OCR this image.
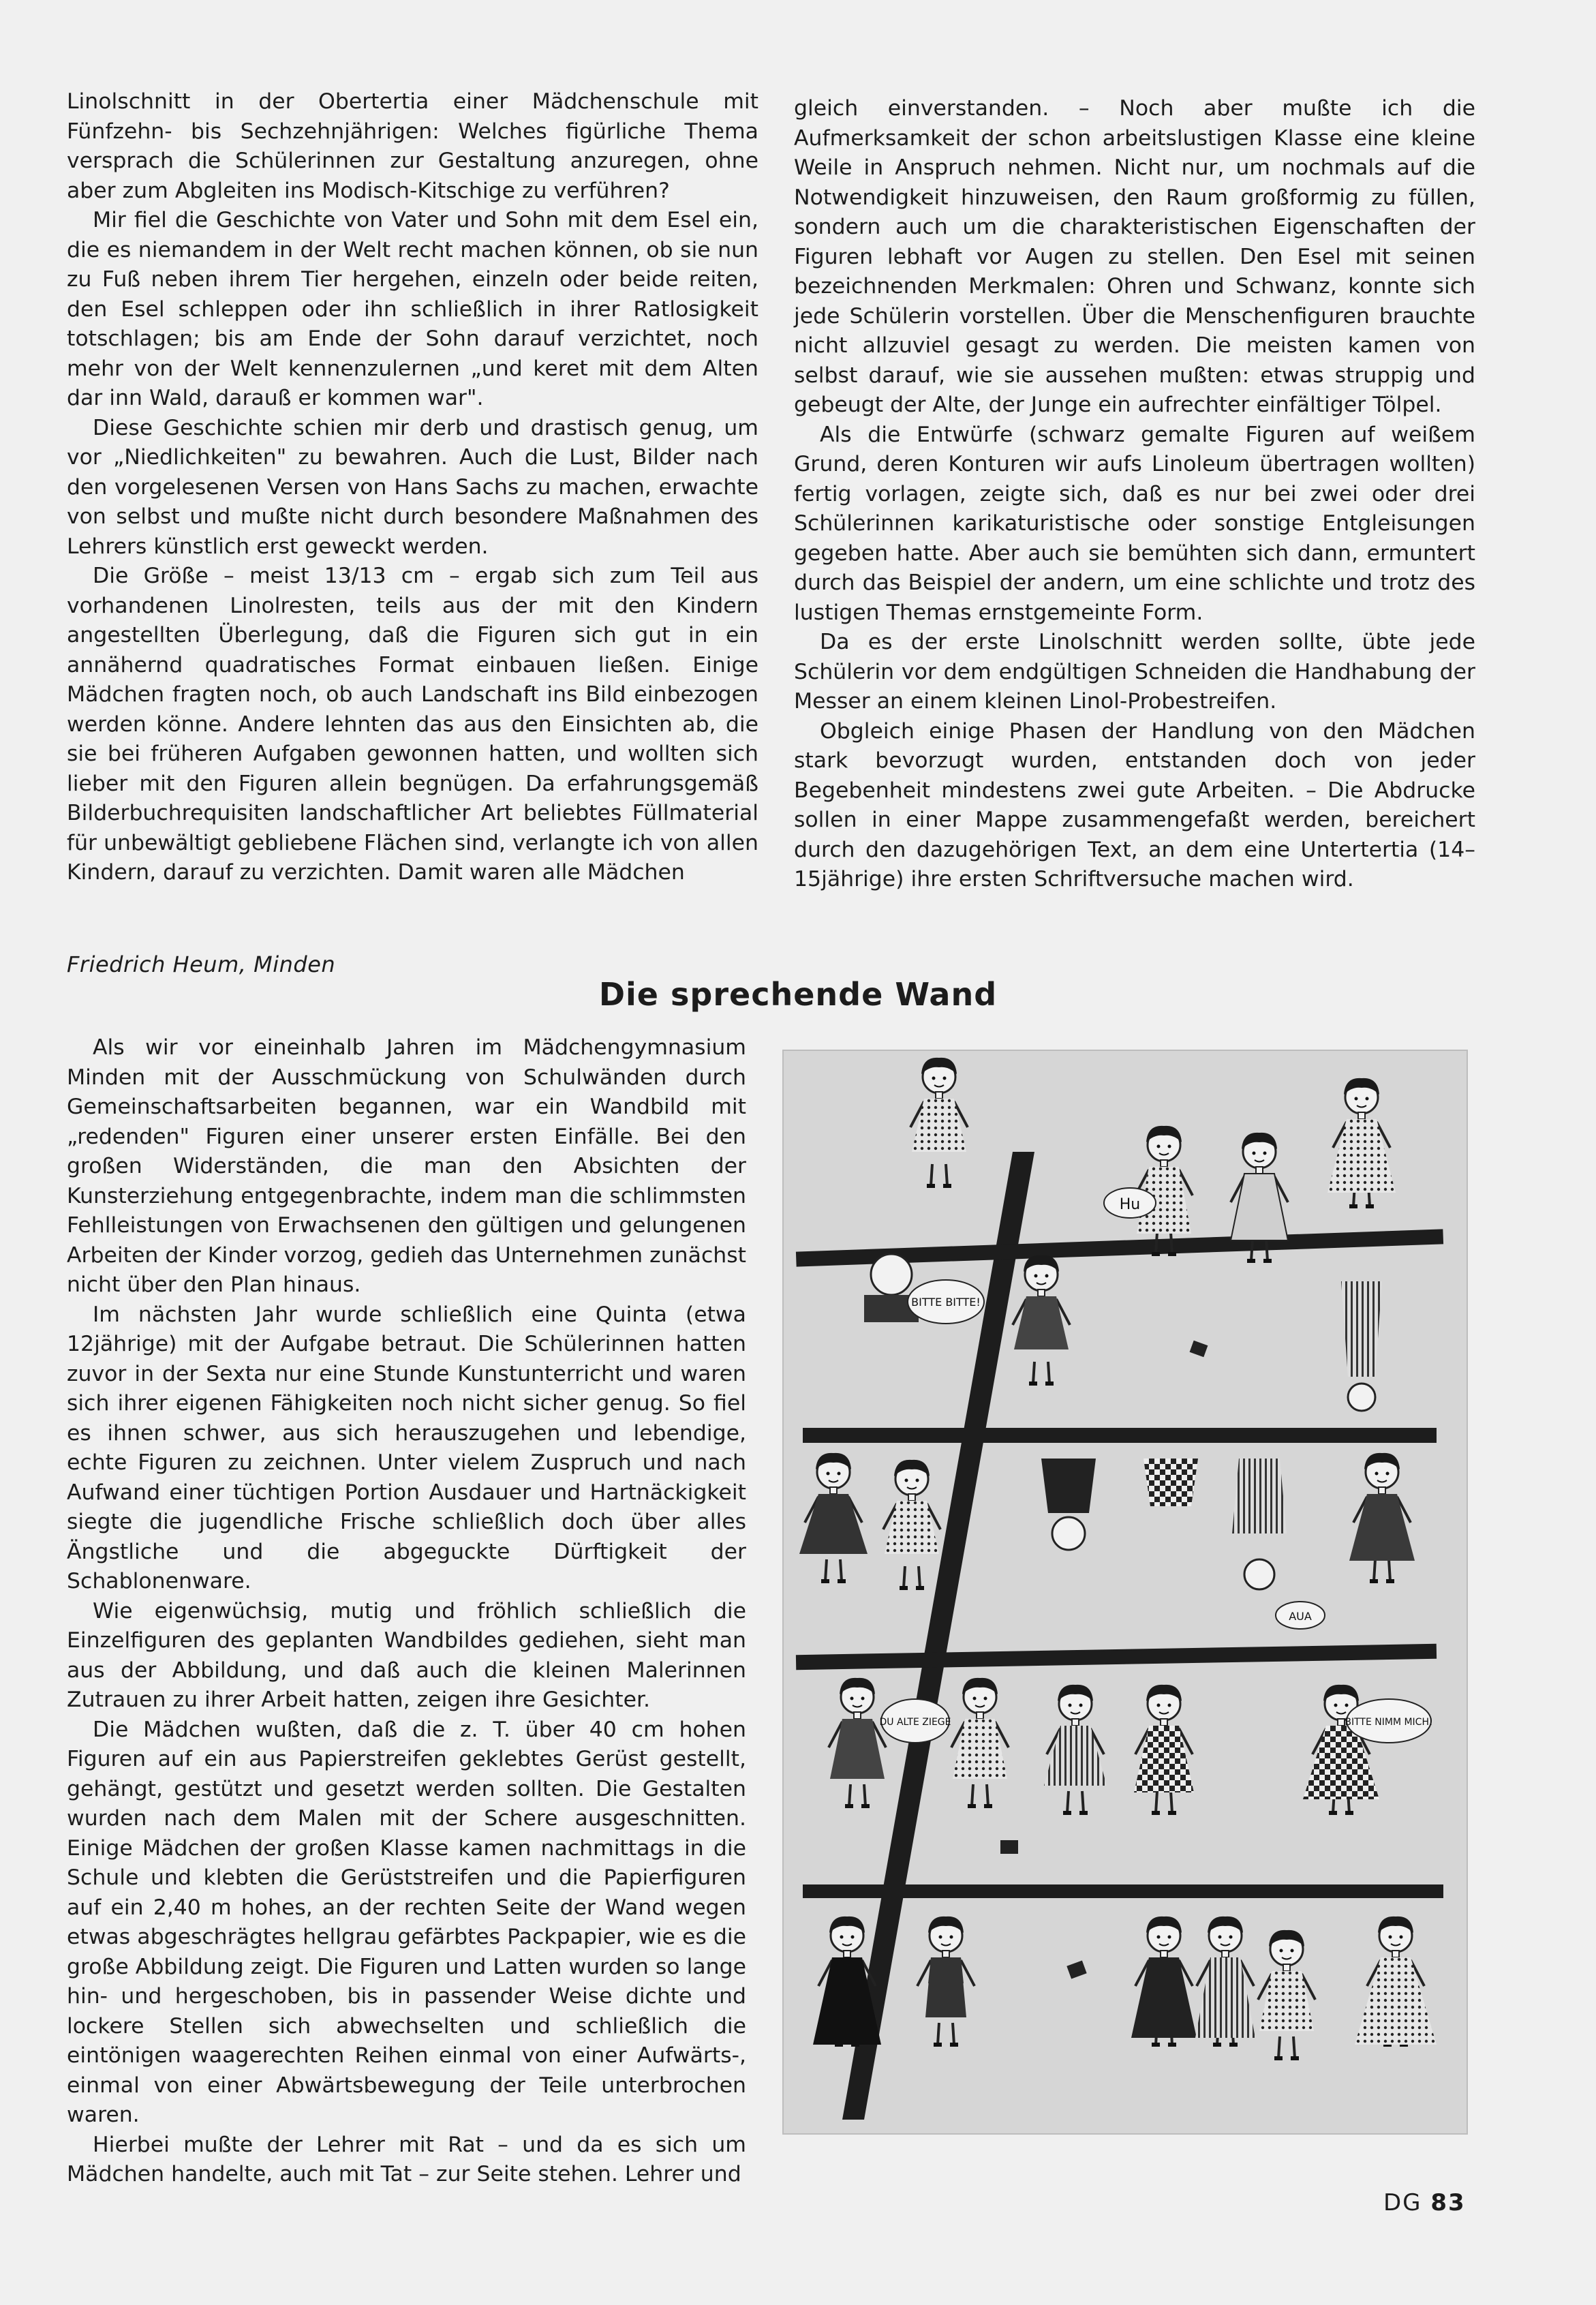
Linolschnitt in der Obertertia einer Mädchenschule mit Fünfzehn- bis Sechzehnjährigen: Welches figürliche Thema versprach die Schülerinnen zur Gestaltung anzuregen, ohne aber zum Abgleiten ins Modisch-Kitschige zu verführen?

Mir fiel die Geschichte von Vater und Sohn mit dem Esel ein, die es niemandem in der Welt recht machen können, ob sie nun zu Fuß neben ihrem Tier hergehen, einzeln oder beide reiten, den Esel schleppen oder ihn schließlich in ihrer Ratlosigkeit totschlagen; bis am Ende der Sohn darauf verzichtet, noch mehr von der Welt kennenzulernen „und keret mit dem Alten dar inn Wald, darauß er kommen war".

Diese Geschichte schien mir derb und drastisch genug, um vor „Niedlichkeiten" zu bewahren. Auch die Lust, Bilder nach den vorgelesenen Versen von Hans Sachs zu machen, erwachte von selbst und mußte nicht durch besondere Maßnahmen des Lehrers künstlich erst geweckt werden.

Die Größe – meist 13/13 cm – ergab sich zum Teil aus vorhandenen Linolresten, teils aus der mit den Kindern angestellten Überlegung, daß die Figuren sich gut in ein annähernd quadratisches Format einbauen ließen. Einige Mädchen fragten noch, ob auch Landschaft ins Bild einbezogen werden könne. Andere lehnten das aus den Einsichten ab, die sie bei früheren Aufgaben gewonnen hatten, und wollten sich lieber mit den Figuren allein begnügen. Da erfahrungsgemäß Bilderbuchrequisiten landschaftlicher Art beliebtes Füllmaterial für unbewältigt gebliebene Flächen sind, verlangte ich von allen Kindern, darauf zu verzichten. Damit waren alle Mädchen

gleich einverstanden. – Noch aber mußte ich die Aufmerksamkeit der schon arbeitslustigen Klasse eine kleine Weile in Anspruch nehmen. Nicht nur, um nochmals auf die Notwendigkeit hinzuweisen, den Raum großformig zu füllen, sondern auch um die charakteristischen Eigenschaften der Figuren lebhaft vor Augen zu stellen. Den Esel mit seinen bezeichnenden Merkmalen: Ohren und Schwanz, konnte sich jede Schülerin vorstellen. Über die Menschenfiguren brauchte nicht allzuviel gesagt zu werden. Die meisten kamen von selbst darauf, wie sie aussehen mußten: etwas struppig und gebeugt der Alte, der Junge ein aufrechter einfältiger Tölpel.

Als die Entwürfe (schwarz gemalte Figuren auf weißem Grund, deren Konturen wir aufs Linoleum übertragen wollten) fertig vorlagen, zeigte sich, daß es nur bei zwei oder drei Schülerinnen karikaturistische oder sonstige Entgleisungen gegeben hatte. Aber auch sie bemühten sich dann, ermuntert durch das Beispiel der andern, um eine schlichte und trotz des lustigen Themas ernstgemeinte Form.

Da es der erste Linolschnitt werden sollte, übte jede Schülerin vor dem endgültigen Schneiden die Handhabung der Messer an einem kleinen Linol-Probestreifen.

Obgleich einige Phasen der Handlung von den Mädchen stark bevorzugt wurden, entstanden doch von jeder Begebenheit mindestens zwei gute Arbeiten. – Die Abdrucke sollen in einer Mappe zusammengefaßt werden, bereichert durch den dazugehörigen Text, an dem eine Untertertia (14–15jährige) ihre ersten Schriftversuche machen wird.

Friedrich Heum, Minden
Die sprechende Wand

Als wir vor eineinhalb Jahren im Mädchengymnasium Minden mit der Ausschmückung von Schulwänden durch Gemeinschaftsarbeiten begannen, war ein Wandbild mit „redenden" Figuren einer unserer ersten Einfälle. Bei den großen Widerständen, die man den Absichten der Kunsterziehung entgegenbrachte, indem man die schlimmsten Fehlleistungen von Erwachsenen den gültigen und gelungenen Arbeiten der Kinder vorzog, gedieh das Unternehmen zunächst nicht über den Plan hinaus.

Im nächsten Jahr wurde schließlich eine Quinta (etwa 12jährige) mit der Aufgabe betraut. Die Schülerinnen hatten zuvor in der Sexta nur eine Stunde Kunstunterricht und waren sich ihrer eigenen Fähigkeiten noch nicht sicher genug. So fiel es ihnen schwer, aus sich herauszugehen und lebendige, echte Figuren zu zeichnen. Unter vielem Zuspruch und nach Aufwand einer tüchtigen Portion Ausdauer und Hartnäckigkeit siegte die jugendliche Frische schließlich doch über alles Ängstliche und die abgeguckte Dürftigkeit der Schablonenware.

Wie eigenwüchsig, mutig und fröhlich schließlich die Einzelfiguren des geplanten Wandbildes gediehen, sieht man aus der Abbildung, und daß auch die kleinen Malerinnen Zutrauen zu ihrer Arbeit hatten, zeigen ihre Gesichter.

Die Mädchen wußten, daß die z. T. über 40 cm hohen Figuren auf ein aus Papierstreifen geklebtes Gerüst gestellt, gehängt, gestützt und gesetzt werden sollten. Die Gestalten wurden nach dem Malen mit der Schere ausgeschnitten. Einige Mädchen der großen Klasse kamen nachmittags in die Schule und klebten die Gerüststreifen und die Papierfiguren auf ein 2,40 m hohes, an der rechten Seite der Wand wegen etwas abgeschrägtes hellgrau gefärbtes Packpapier, wie es die große Abbildung zeigt. Die Figuren und Latten wurden so lange hin- und hergeschoben, bis in passender Weise dichte und lockere Stellen sich abwechselten und schließlich die eintönigen waagerechten Reihen einmal von einer Aufwärts-, einmal von einer Abwärtsbewegung der Teile unterbrochen waren.

Hierbei mußte der Lehrer mit Rat – und da es sich um Mädchen handelte, auch mit Tat – zur Seite stehen. Lehrer und

Hu
BITTE BITTE!
DU ALTE ZIEGE	BITTE NIMM MICH!
AUA
DG 83
